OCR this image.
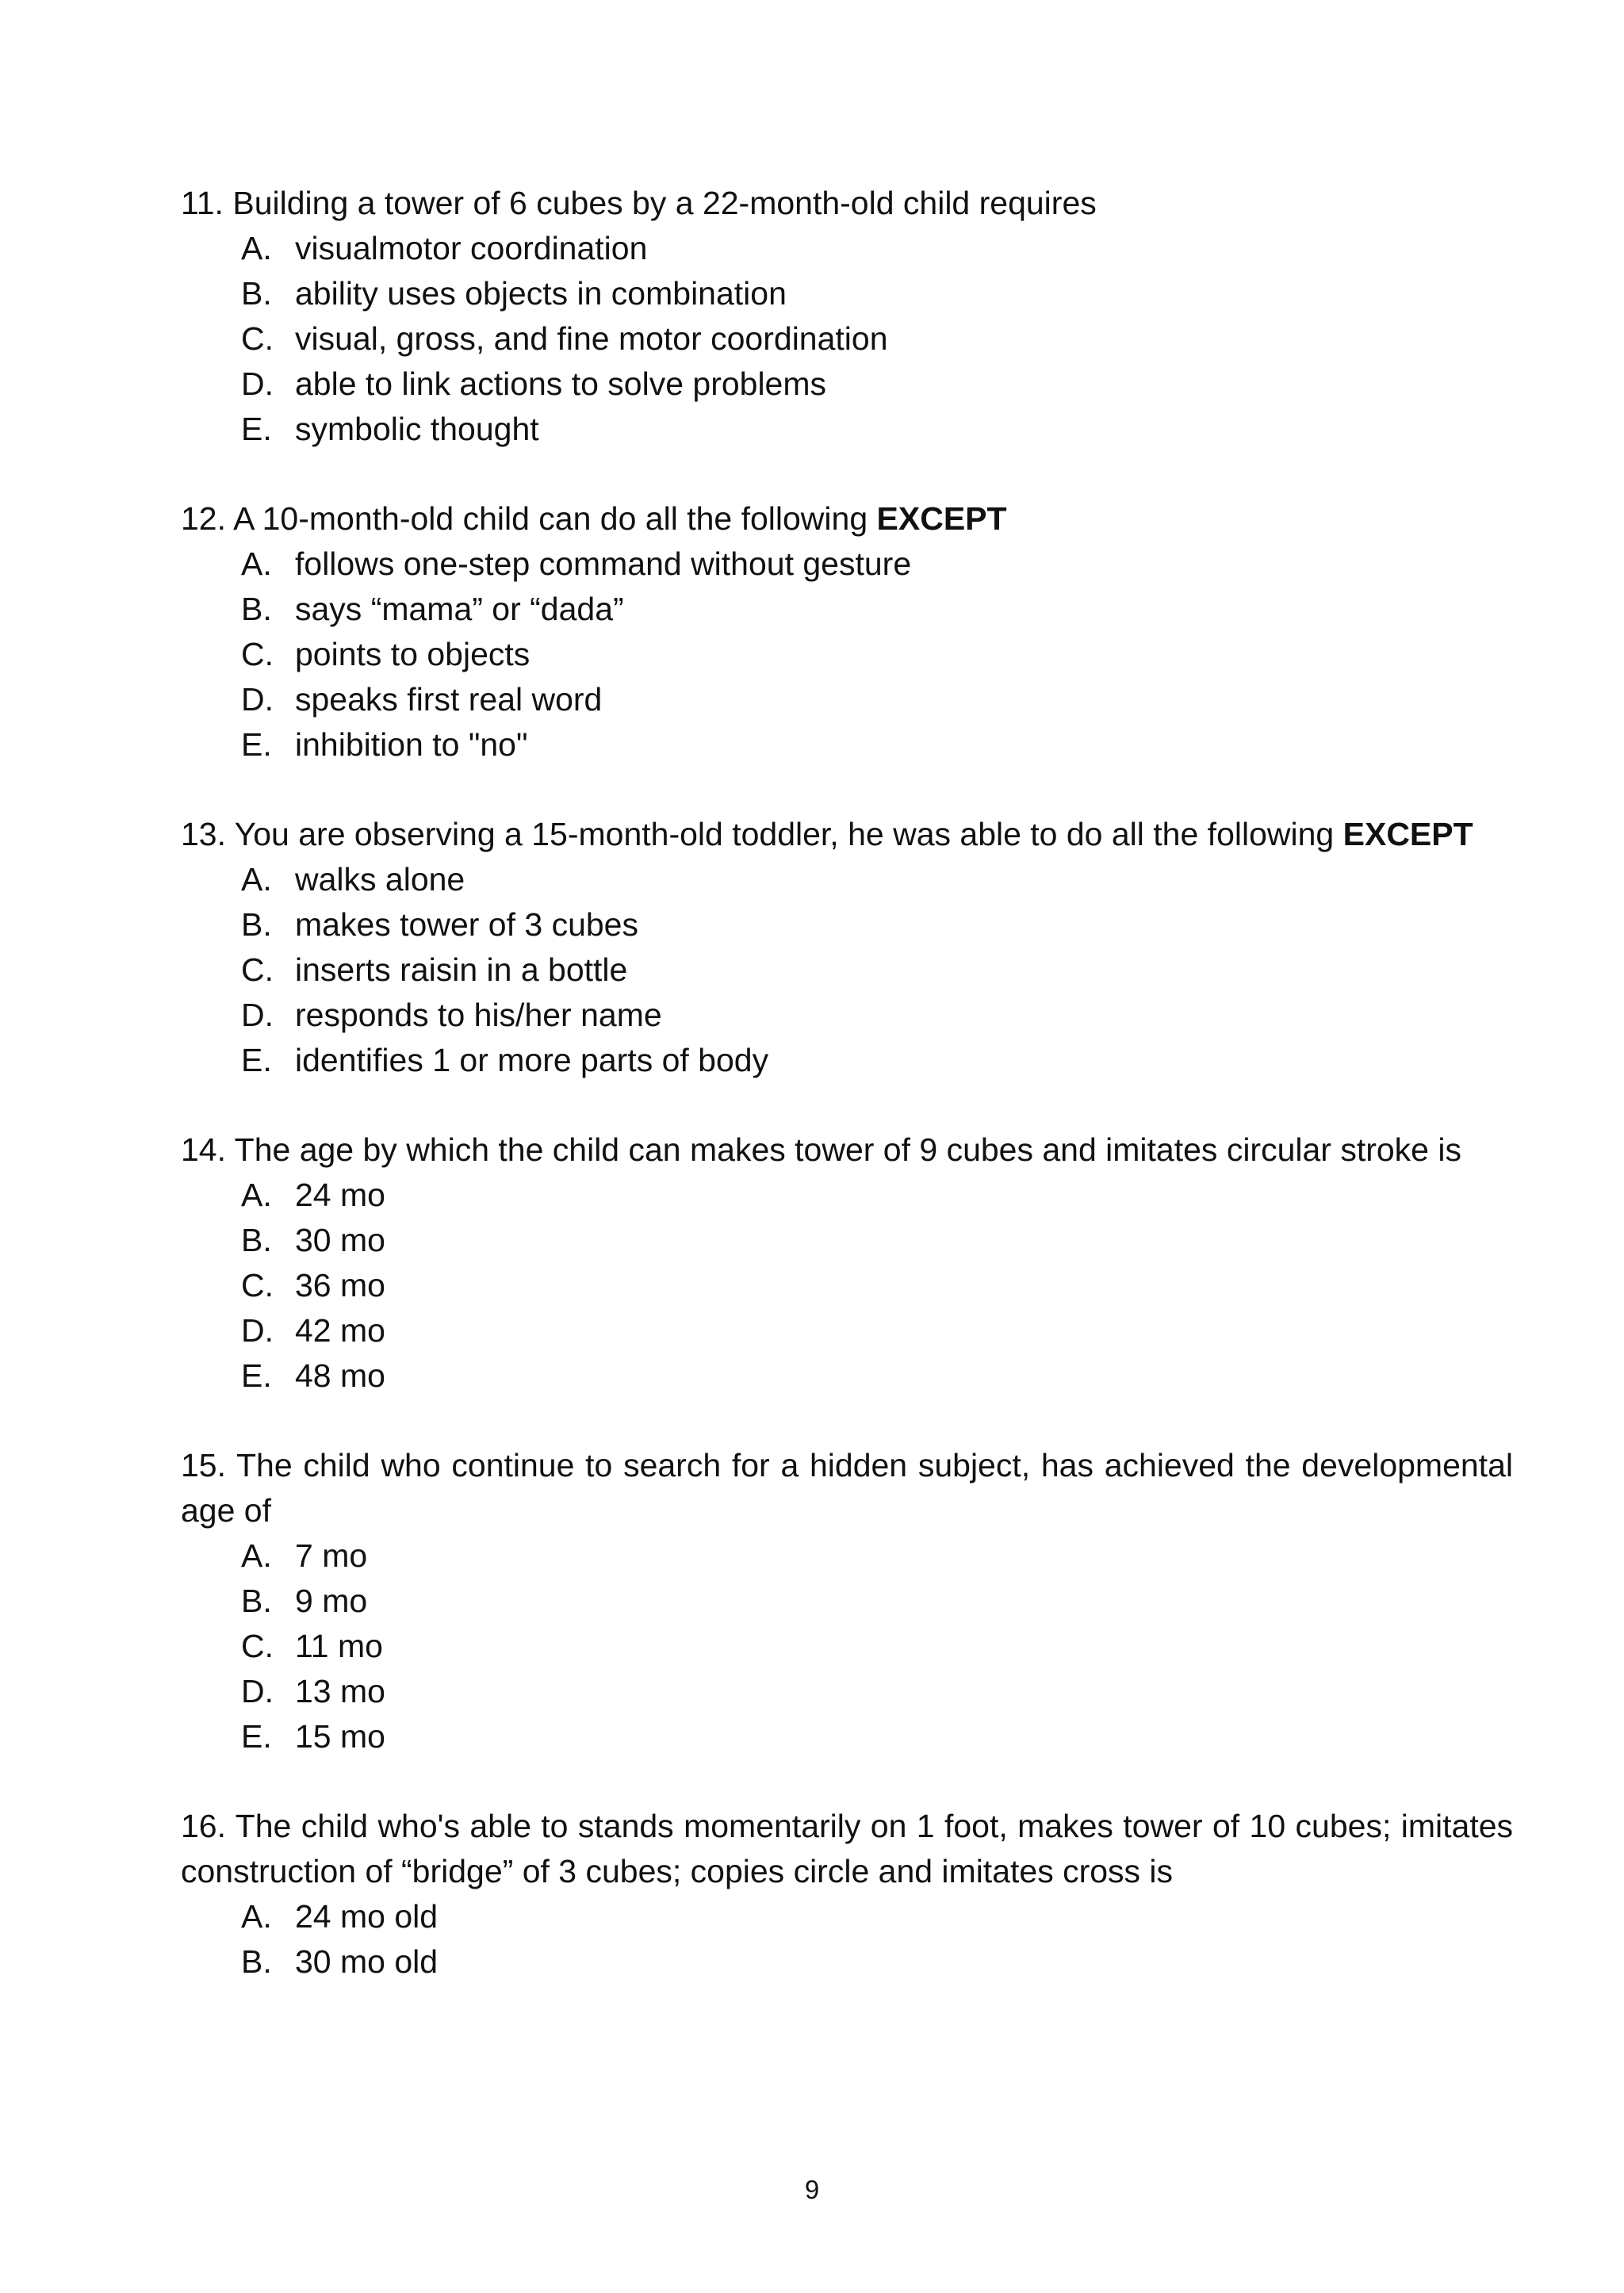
11. Building a tower of 6 cubes by a 22-month-old child requires

A. visualmotor coordination
B. ability uses objects in combination
C. visual, gross, and fine motor coordination
D. able to link actions to solve problems
E. symbolic thought

12. A 10-month-old child can do all the following EXCEPT

A. follows one-step command without gesture
B. says “mama” or “dada”
C. points to objects
D. speaks first real word
E. inhibition to "no"

13. You are observing a 15-month-old toddler, he was able to do all the following EXCEPT

A. walks alone
B. makes tower of 3 cubes
C. inserts raisin in a bottle
D. responds to his/her name
E. identifies 1 or more parts of body

14. The age by which the child can makes tower of 9 cubes and imitates circular stroke is

A. 24 mo
B. 30 mo
C. 36 mo
D. 42 mo
E. 48 mo

15. The child who continue to search for a hidden subject, has achieved the developmental age of

A. 7 mo
B. 9 mo
C. 11 mo
D. 13 mo
E. 15 mo

16. The child who's able to stands momentarily on 1 foot, makes tower of 10 cubes; imitates construction of “bridge” of 3 cubes; copies circle and imitates cross is

A. 24 mo old
B. 30 mo old
9
